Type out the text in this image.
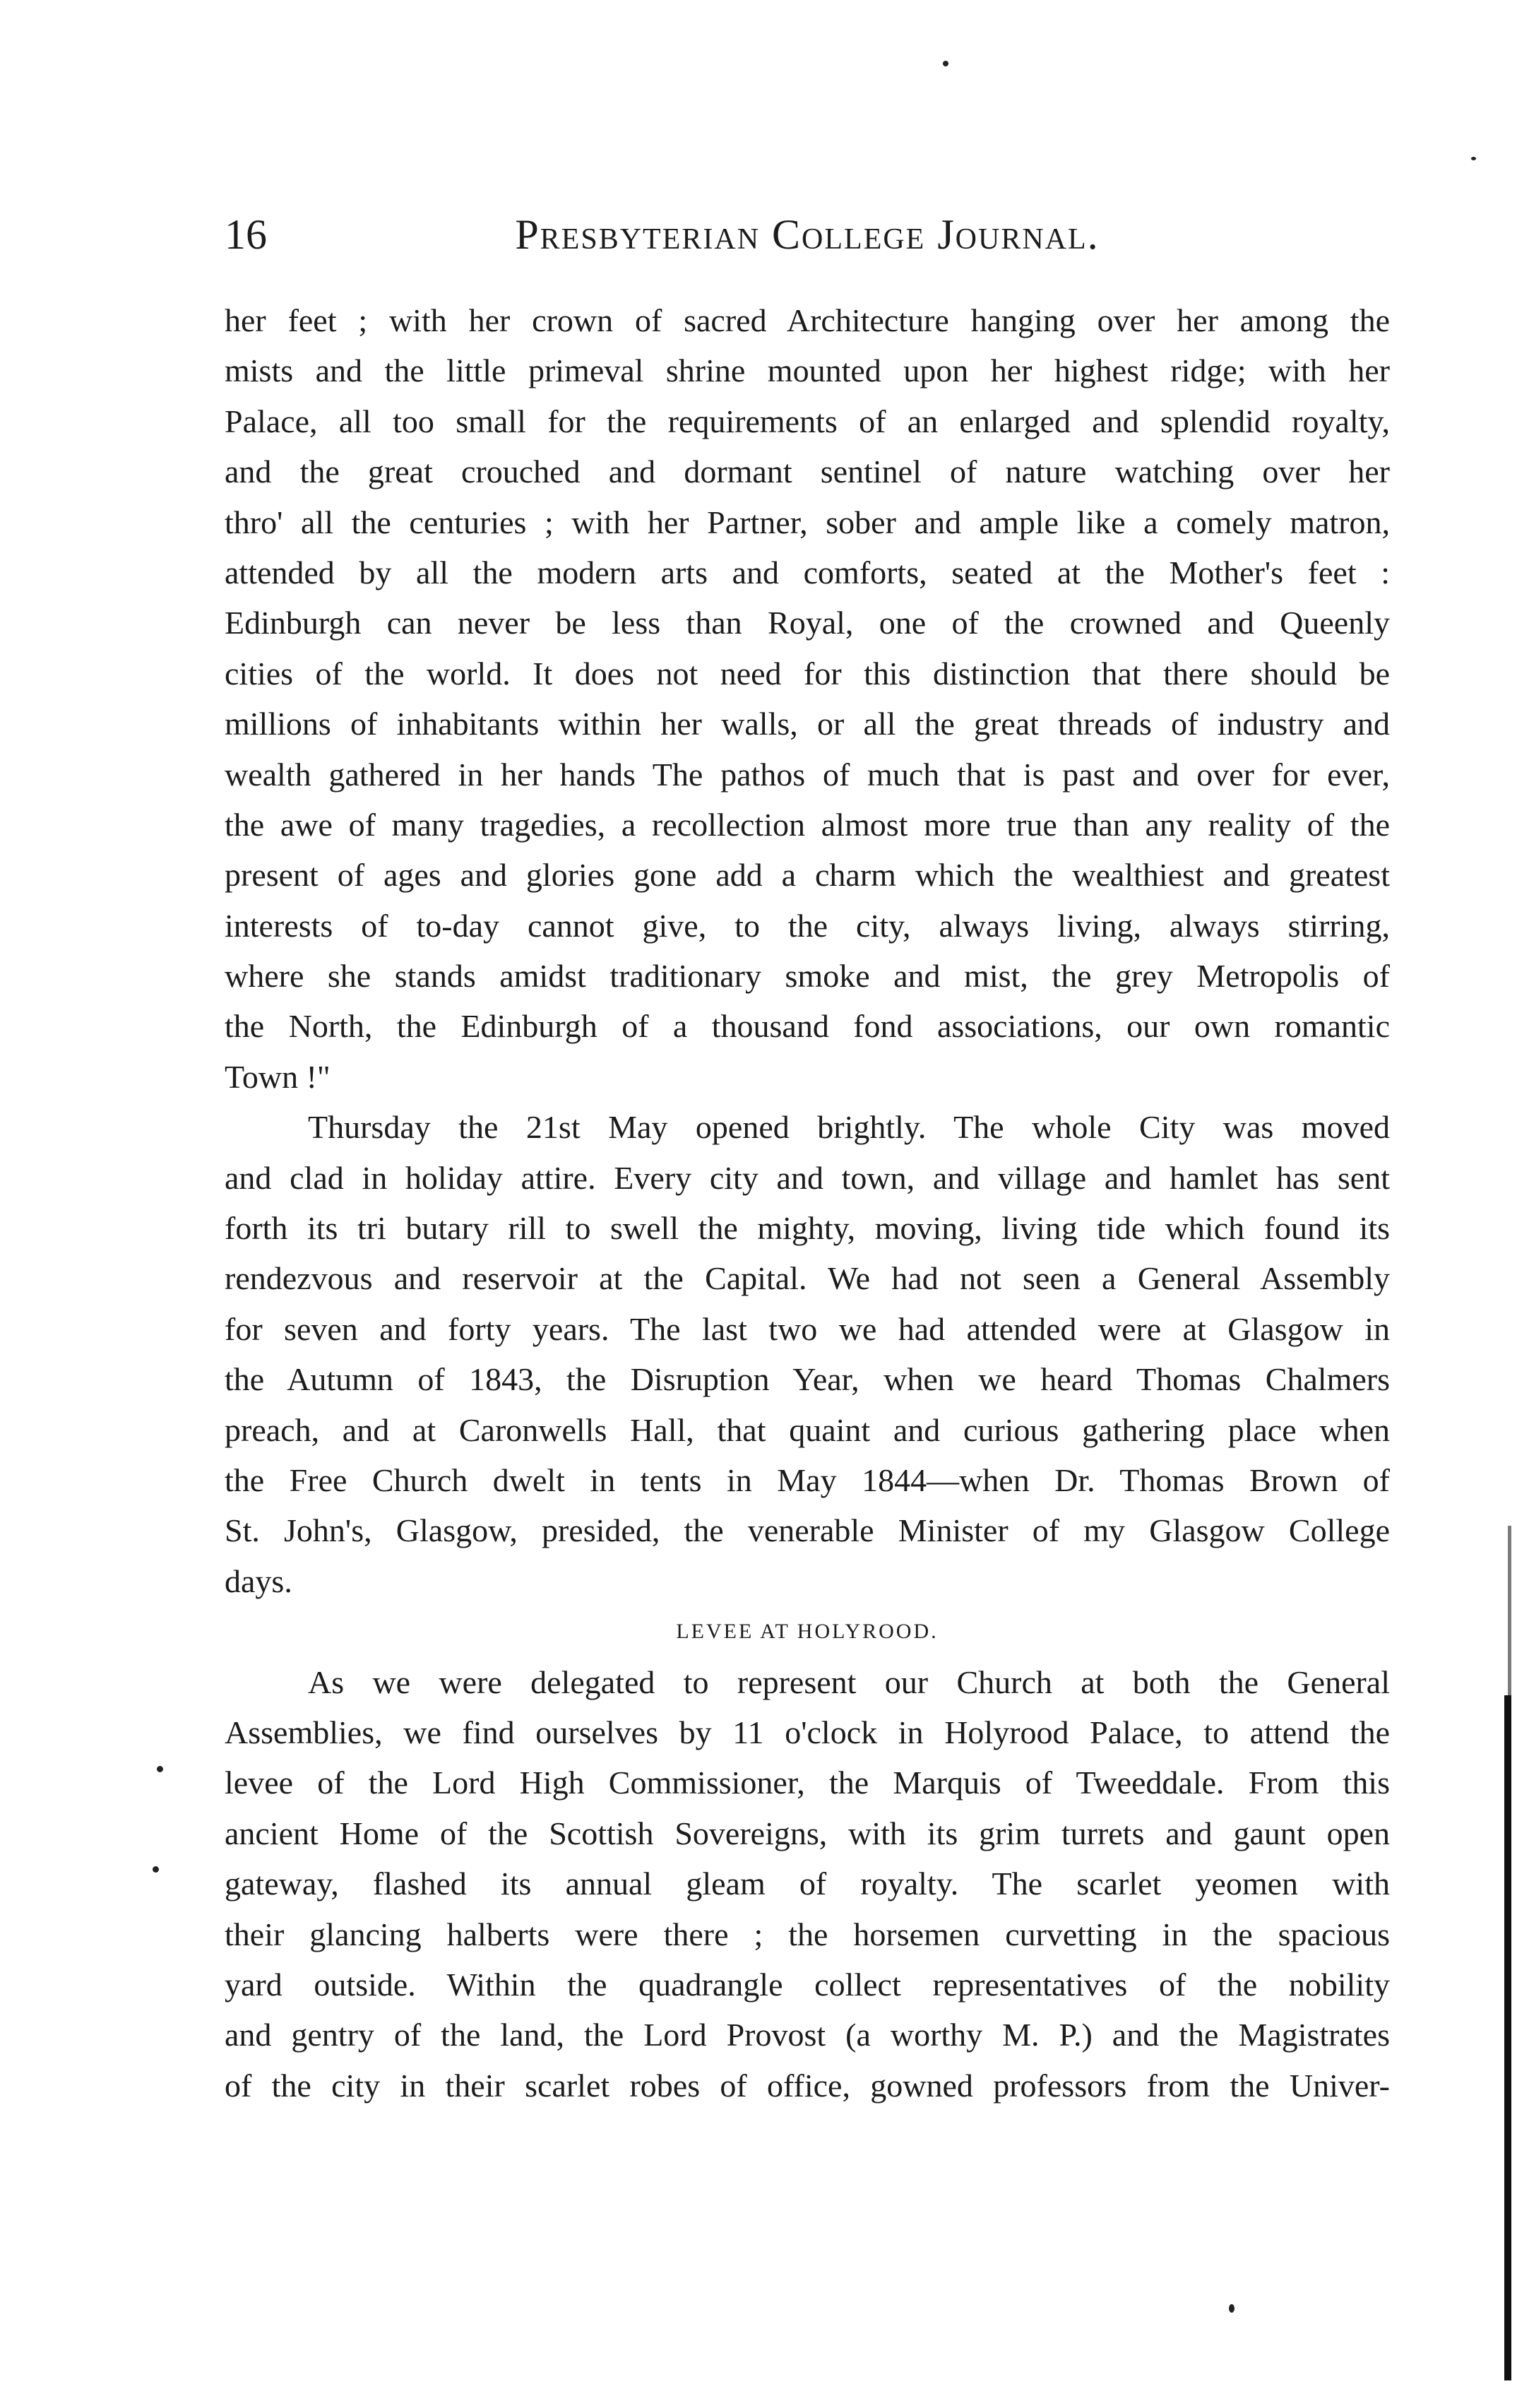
16	Presbyterian College Journal.
her feet ; with her crown of sacred Architecture hanging over her among the
mists and the little primeval shrine mounted upon her highest ridge; with her
Palace, all too small for the requirements of an enlarged and splendid royalty,
and the great crouched and dormant sentinel of nature watching over her
thro' all the centuries ; with her Partner, sober and ample like a comely matron,
attended by all the modern arts and comforts, seated at the Mother's feet :
Edinburgh can never be less than Royal, one of the crowned and Queenly
cities of the world. It does not need for this distinction that there should be
millions of inhabitants within her walls, or all the great threads of industry and
wealth gathered in her hands The pathos of much that is past and over for ever,
the awe of many tragedies, a recollection almost more true than any reality of the
present of ages and glories gone add a charm which the wealthiest and greatest
interests of to-day cannot give, to the city, always living, always stirring,
where she stands amidst traditionary smoke and mist, the grey Metropolis of
the North, the Edinburgh of a thousand fond associations, our own romantic
Town !"
Thursday the 21st May opened brightly. The whole City was moved
and clad in holiday attire. Every city and town, and village and hamlet has sent
forth its tri butary rill to swell the mighty, moving, living tide which found its
rendezvous and reservoir at the Capital. We had not seen a General Assembly
for seven and forty years. The last two we had attended were at Glasgow in
the Autumn of 1843, the Disruption Year, when we heard Thomas Chalmers
preach, and at Caronwells Hall, that quaint and curious gathering place when
the Free Church dwelt in tents in May 1844—when Dr. Thomas Brown of
St. John's, Glasgow, presided, the venerable Minister of my Glasgow College
days.
LEVEE AT HOLYROOD.
As we were delegated to represent our Church at both the General
Assemblies, we find ourselves by 11 o'clock in Holyrood Palace, to attend the
levee of the Lord High Commissioner, the Marquis of Tweeddale. From this
ancient Home of the Scottish Sovereigns, with its grim turrets and gaunt open
gateway, flashed its annual gleam of royalty. The scarlet yeomen with
their glancing halberts were there ; the horsemen curvetting in the spacious
yard outside. Within the quadrangle collect representatives of the nobility
and gentry of the land, the Lord Provost (a worthy M. P.) and the Magistrates
of the city in their scarlet robes of office, gowned professors from the Univer-
